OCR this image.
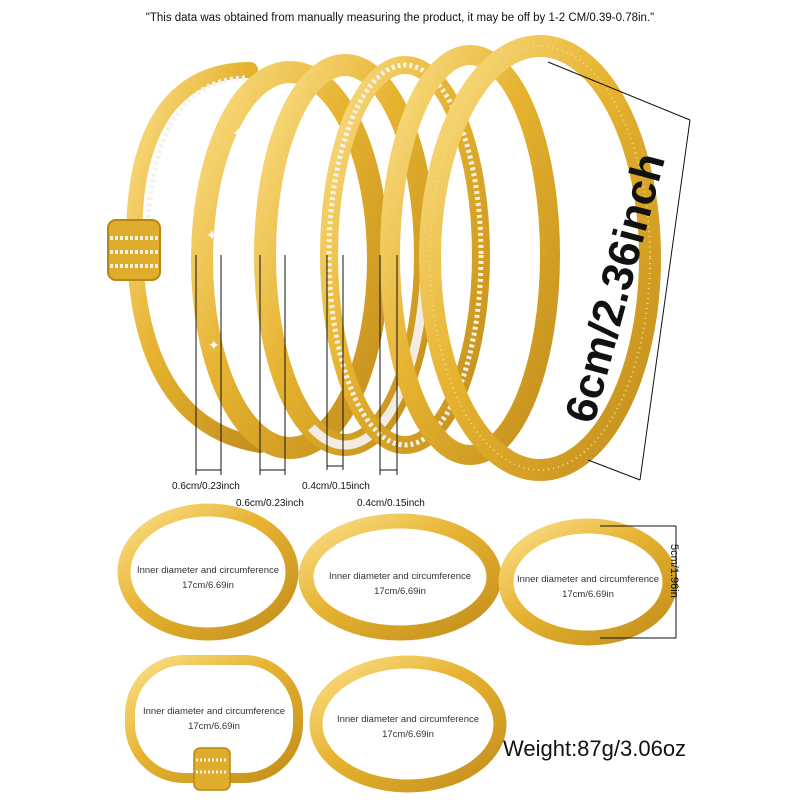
✦
✦
✦
"This data was obtained from manually measuring the product, it may be off by 1-2 CM/0.39-0.78in."
0.6cm/0.23inch
0.6cm/0.23inch
0.4cm/0.15inch
0.4cm/0.15inch
6cm/2.36inch
Inner diameter and circumference
17cm/6.69in
Inner diameter and circumference
17cm/6.69in
Inner diameter and circumference
17cm/6.69in
Inner diameter and circumference
17cm/6.69in
Inner diameter and circumference
17cm/6.69in
5cm/1.96in
Weight:87g/3.06oz
